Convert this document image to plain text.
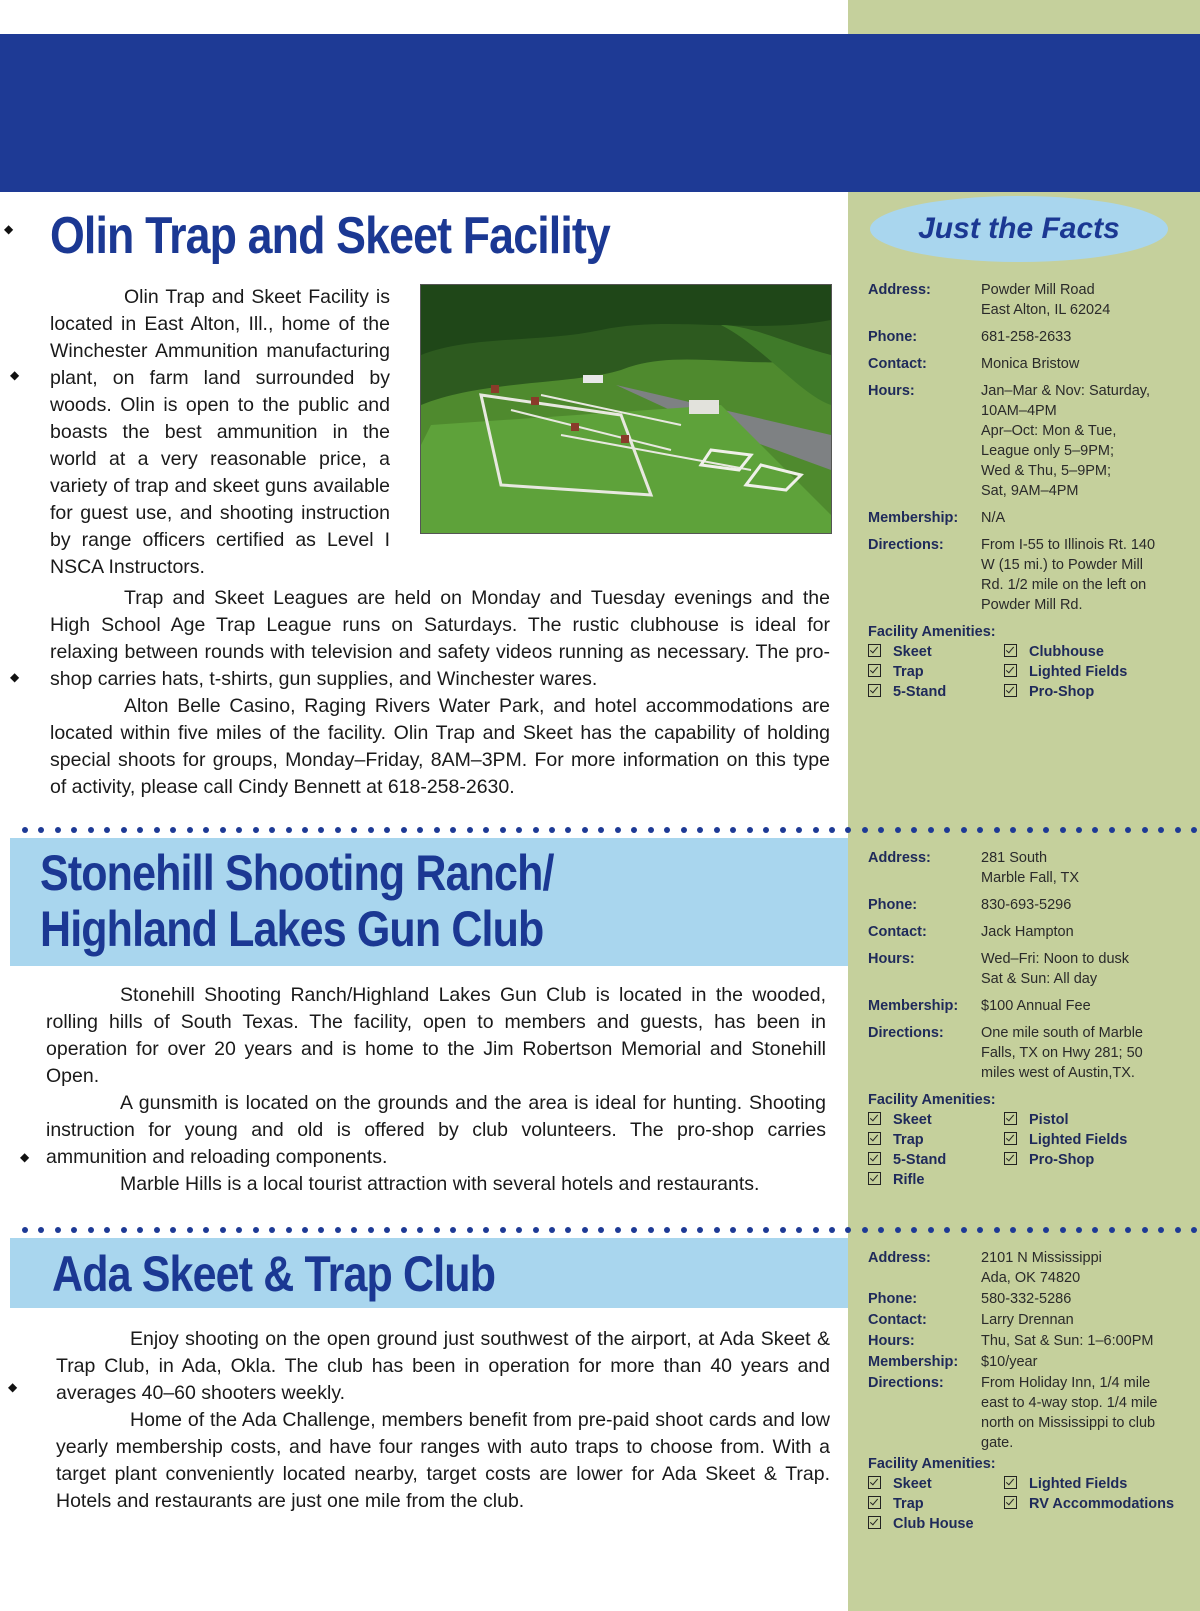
◆
◆
◆
◆
◆
Olin Trap and Skeet Facility

Olin Trap and Skeet Facility is located in East Alton, Ill., home of the Winchester Ammunition manufacturing plant, on farm land surrounded by woods. Olin is open to the public and boasts the best ammunition in the world at a very reasonable price, a variety of trap and skeet guns available for guest use, and shooting instruction by range officers certified as Level I NSCA Instructors.

Trap and Skeet Leagues are held on Monday and Tuesday evenings and the High School Age Trap League runs on Saturdays. The rustic clubhouse is ideal for relaxing between rounds with television and safety videos running as necessary. The pro-shop carries hats, t-shirts, gun supplies, and Winchester wares.

Alton Belle Casino, Raging Rivers Water Park, and hotel accommodations are located within five miles of the facility. Olin Trap and Skeet has the capability of holding special shoots for groups, Monday–Friday, 8AM–3PM. For more information on this type of activity, please call Cindy Bennett at 618-258-2630.

Stonehill Shooting Ranch/
Highland Lakes Gun Club

Stonehill Shooting Ranch/Highland Lakes Gun Club is located in the wooded, rolling hills of South Texas. The facility, open to members and guests, has been in operation for over 20 years and is home to the Jim Robertson Memorial and Stonehill Open.

A gunsmith is located on the grounds and the area is ideal for hunting. Shooting instruction for young and old is offered by club volunteers. The pro-shop carries ammunition and reloading components.

Marble Hills is a local tourist attraction with several hotels and restaurants.

Ada Skeet & Trap Club

Enjoy shooting on the open ground just southwest of the airport, at Ada Skeet & Trap Club, in Ada, Okla. The club has been in operation for more than 40 years and averages 40–60 shooters weekly.

Home of the Ada Challenge, members benefit from pre-paid shoot cards and low yearly membership costs, and have four ranges with auto traps to choose from. With a target plant conveniently located nearby, target costs are lower for Ada Skeet & Trap. Hotels and restaurants are just one mile from the club.

Just the Facts
Address:	Powder Mill Road
East Alton, IL 62024
Phone:	681-258-2633
Contact:	Monica Bristow
Hours:	Jan–Mar & Nov: Saturday,
10AM–4PM
Apr–Oct: Mon & Tue,
League only 5–9PM;
Wed & Thu, 5–9PM;
Sat, 9AM–4PM
Membership:	N/A
Directions:	From I-55 to Illinois Rt. 140
W (15 mi.) to Powder Mill
Rd. 1/2 mile on the left on
Powder Mill Rd.
Facility Amenities:
Skeet	Clubhouse
Trap	Lighted Fields
5-Stand	Pro-Shop
Address:	281 South
Marble Fall, TX
Phone:	830-693-5296
Contact:	Jack Hampton
Hours:	Wed–Fri: Noon to dusk
Sat & Sun: All day
Membership:	$100 Annual Fee
Directions:	One mile south of Marble
Falls, TX on Hwy 281; 50
miles west of Austin,TX.
Facility Amenities:
Skeet	Pistol
Trap	Lighted Fields
5-Stand	Pro-Shop
Rifle
Address:	2101 N Mississippi
Ada, OK 74820
Phone:	580-332-5286
Contact:	Larry Drennan
Hours:	Thu, Sat & Sun: 1–6:00PM
Membership:	$10/year
Directions:	From Holiday Inn, 1/4 mile
east to 4-way stop. 1/4 mile
north on Mississippi to club
gate.
Facility Amenities:
Skeet	Lighted Fields
Trap	RV Accommodations
Club House
